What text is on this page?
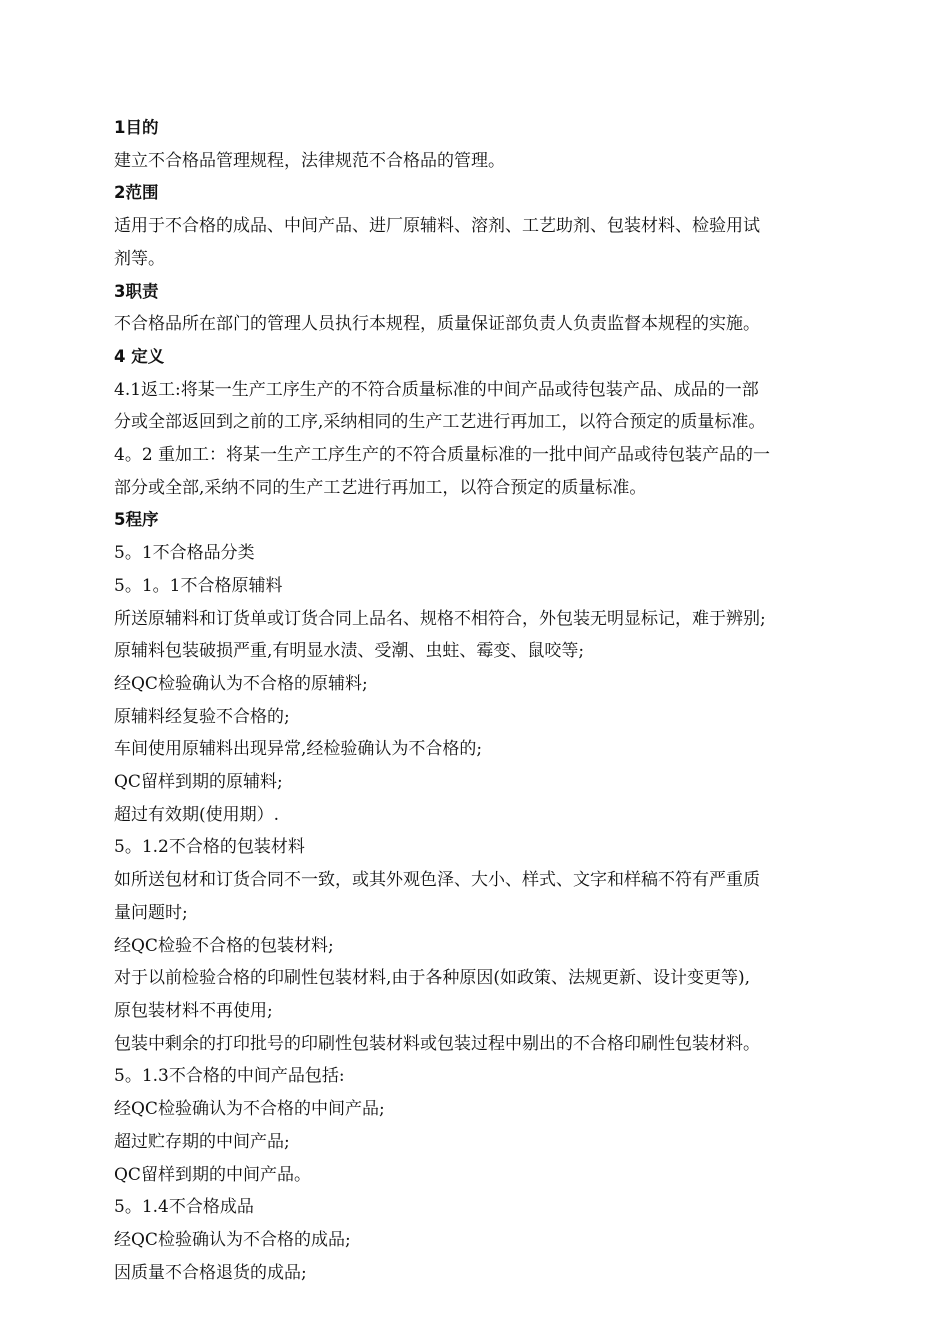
1目的

建立不合格品管理规程，法律规范不合格品的管理。

2范围

适用于不合格的成品、中间产品、进厂原辅料、溶剂、工艺助剂、包装材料、检验用试

剂等。

3职责

不合格品所在部门的管理人员执行本规程，质量保证部负责人负责监督本规程的实施。

4 定义

4.1返工:将某一生产工序生产的不符合质量标准的中间产品或待包装产品、成品的一部

分或全部返回到之前的工序,采纳相同的生产工艺进行再加工，以符合预定的质量标准。

4。2 重加工：将某一生产工序生产的不符合质量标准的一批中间产品或待包装产品的一

部分或全部,采纳不同的生产工艺进行再加工，以符合预定的质量标准。

5程序

5。1不合格品分类

5。1。1不合格原辅料

所送原辅料和订货单或订货合同上品名、规格不相符合，外包装无明显标记，难于辨别;

原辅料包装破损严重,有明显水渍、受潮、虫蛀、霉变、鼠咬等;

经QC检验确认为不合格的原辅料;

原辅料经复验不合格的;

车间使用原辅料出现异常,经检验确认为不合格的;

QC留样到期的原辅料;

超过有效期(使用期）.

5。1.2不合格的包装材料

如所送包材和订货合同不一致，或其外观色泽、大小、样式、文字和样稿不符有严重质

量问题时;

经QC检验不合格的包装材料;

对于以前检验合格的印刷性包装材料,由于各种原因(如政策、法规更新、设计变更等),

原包装材料不再使用;

包装中剩余的打印批号的印刷性包装材料或包装过程中剔出的不合格印刷性包装材料。

5。1.3不合格的中间产品包括:

经QC检验确认为不合格的中间产品;

超过贮存期的中间产品;

QC留样到期的中间产品。

5。1.4不合格成品

经QC检验确认为不合格的成品;

因质量不合格退货的成品;
